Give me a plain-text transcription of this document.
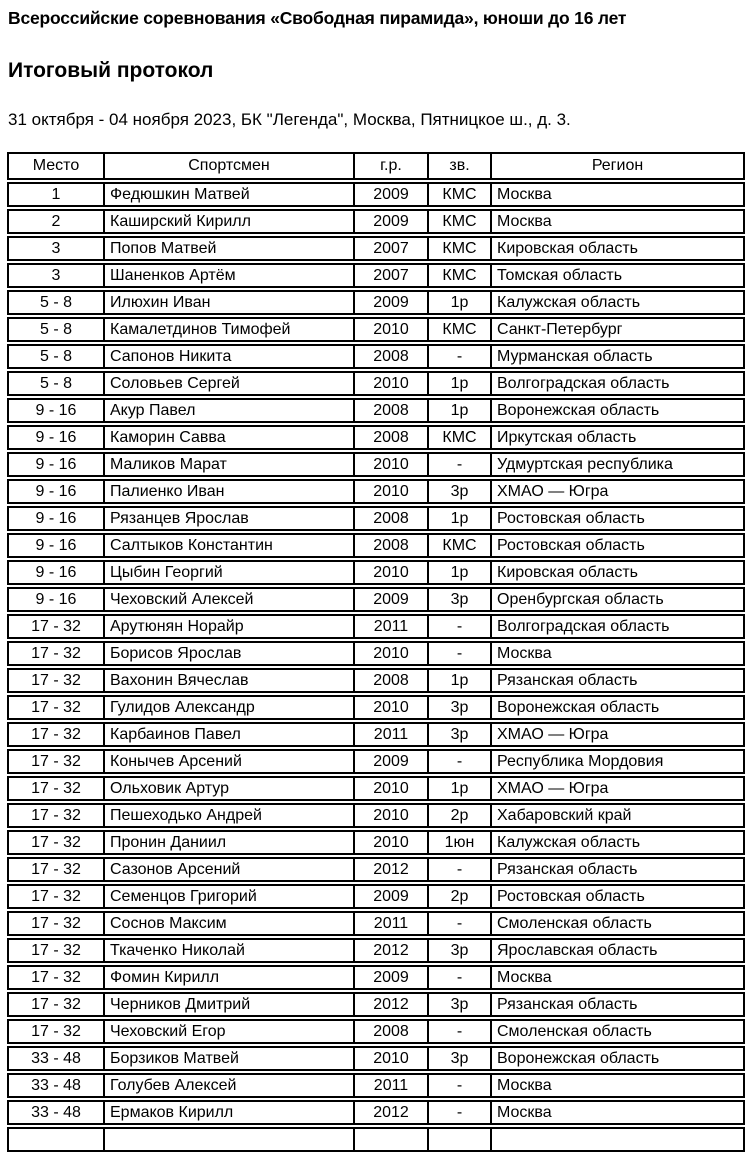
Всероссийские соревнования «Свободная пирамида», юноши до 16 лет
Итоговый протокол
31 октября - 04 ноября 2023, БК "Легенда", Москва, Пятницкое ш., д. 3.
Место	Спортсмен	г.р.	зв.	Регион
1	Федюшкин Матвей	2009	КМС	Москва
2	Каширский Кирилл	2009	КМС	Москва
3	Попов Матвей	2007	КМС	Кировская область
3	Шаненков Артём	2007	КМС	Томская область
5 - 8	Илюхин Иван	2009	1р	Калужская область
5 - 8	Камалетдинов Тимофей	2010	КМС	Санкт-Петербург
5 - 8	Сапонов Никита	2008	-	Мурманская область
5 - 8	Соловьев Сергей	2010	1р	Волгоградская область
9 - 16	Акур Павел	2008	1р	Воронежская область
9 - 16	Каморин Савва	2008	КМС	Иркутская область
9 - 16	Маликов Марат	2010	-	Удмуртская республика
9 - 16	Палиенко Иван	2010	3р	ХМАО — Югра
9 - 16	Рязанцев Ярослав	2008	1р	Ростовская область
9 - 16	Салтыков Константин	2008	КМС	Ростовская область
9 - 16	Цыбин Георгий	2010	1р	Кировская область
9 - 16	Чеховский Алексей	2009	3р	Оренбургская область
17 - 32	Арутюнян Норайр	2011	-	Волгоградская область
17 - 32	Борисов Ярослав	2010	-	Москва
17 - 32	Вахонин Вячеслав	2008	1р	Рязанская область
17 - 32	Гулидов Александр	2010	3р	Воронежская область
17 - 32	Карбаинов Павел	2011	3р	ХМАО — Югра
17 - 32	Конычев Арсений	2009	-	Республика Мордовия
17 - 32	Ольховик Артур	2010	1р	ХМАО — Югра
17 - 32	Пешеходько Андрей	2010	2р	Хабаровский край
17 - 32	Пронин Даниил	2010	1юн	Калужская область
17 - 32	Сазонов Арсений	2012	-	Рязанская область
17 - 32	Семенцов Григорий	2009	2р	Ростовская область
17 - 32	Соснов Максим	2011	-	Смоленская область
17 - 32	Ткаченко Николай	2012	3р	Ярославская область
17 - 32	Фомин Кирилл	2009	-	Москва
17 - 32	Черников Дмитрий	2012	3р	Рязанская область
17 - 32	Чеховский Егор	2008	-	Смоленская область
33 - 48	Борзиков Матвей	2010	3р	Воронежская область
33 - 48	Голубев Алексей	2011	-	Москва
33 - 48	Ермаков Кирилл	2012	-	Москва
